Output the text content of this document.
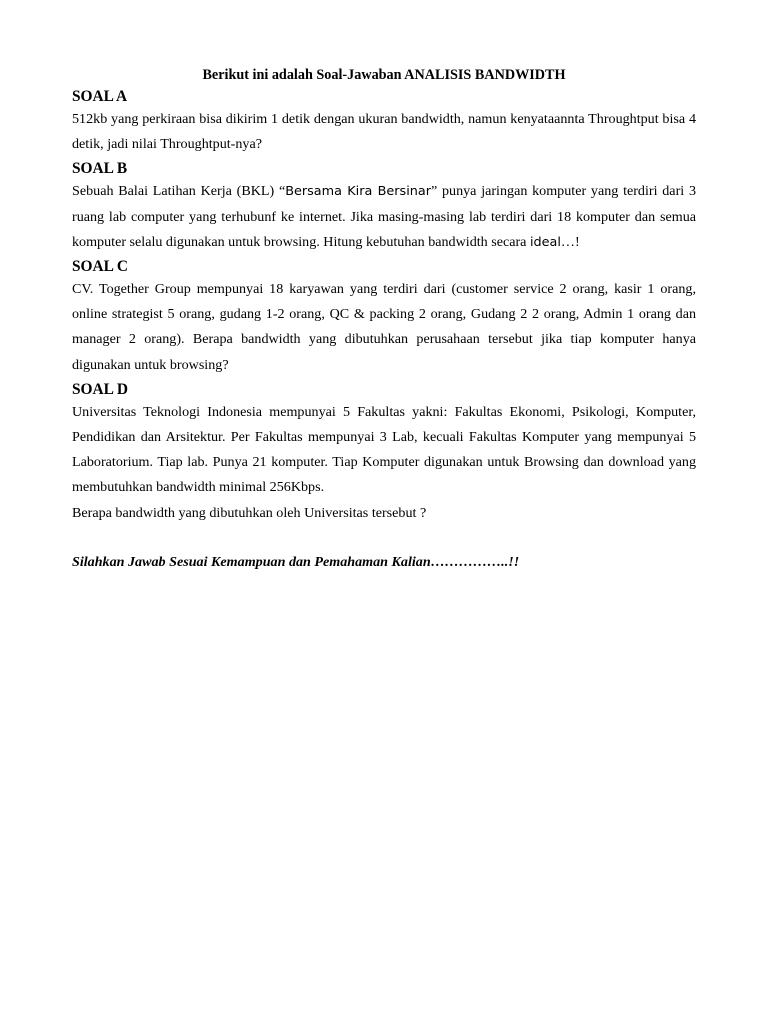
Berikut ini adalah Soal-Jawaban ANALISIS BANDWIDTH
SOAL A

512kb yang perkiraan bisa dikirim 1 detik dengan ukuran bandwidth, namun kenyataannta Throughtput bisa 4 detik, jadi nilai Throughtput-nya?

SOAL B

Sebuah Balai Latihan Kerja (BKL) “Bersama Kira Bersinar” punya jaringan komputer yang terdiri dari 3 ruang lab computer yang terhubunf ke internet. Jika masing-masing lab terdiri dari 18 komputer dan semua komputer selalu digunakan untuk browsing. Hitung kebutuhan bandwidth secara ideal…!

SOAL C

CV. Together Group mempunyai 18 karyawan yang terdiri dari (customer service 2 orang, kasir 1 orang, online strategist 5 orang, gudang 1-2 orang, QC & packing 2 orang, Gudang 2 2 orang, Admin 1 orang dan manager 2 orang). Berapa bandwidth yang dibutuhkan perusahaan tersebut jika tiap komputer hanya digunakan untuk browsing?

SOAL D

Universitas Teknologi Indonesia mempunyai 5 Fakultas yakni: Fakultas Ekonomi, Psikologi, Komputer, Pendidikan dan Arsitektur. Per Fakultas mempunyai 3 Lab, kecuali Fakultas Komputer yang mempunyai 5 Laboratorium. Tiap lab. Punya 21 komputer. Tiap Komputer digunakan untuk Browsing dan download yang membutuhkan bandwidth minimal 256Kbps.

Berapa bandwidth yang dibutuhkan oleh Universitas tersebut ?

Silahkan Jawab Sesuai Kemampuan dan Pemahaman Kalian……………..!!
